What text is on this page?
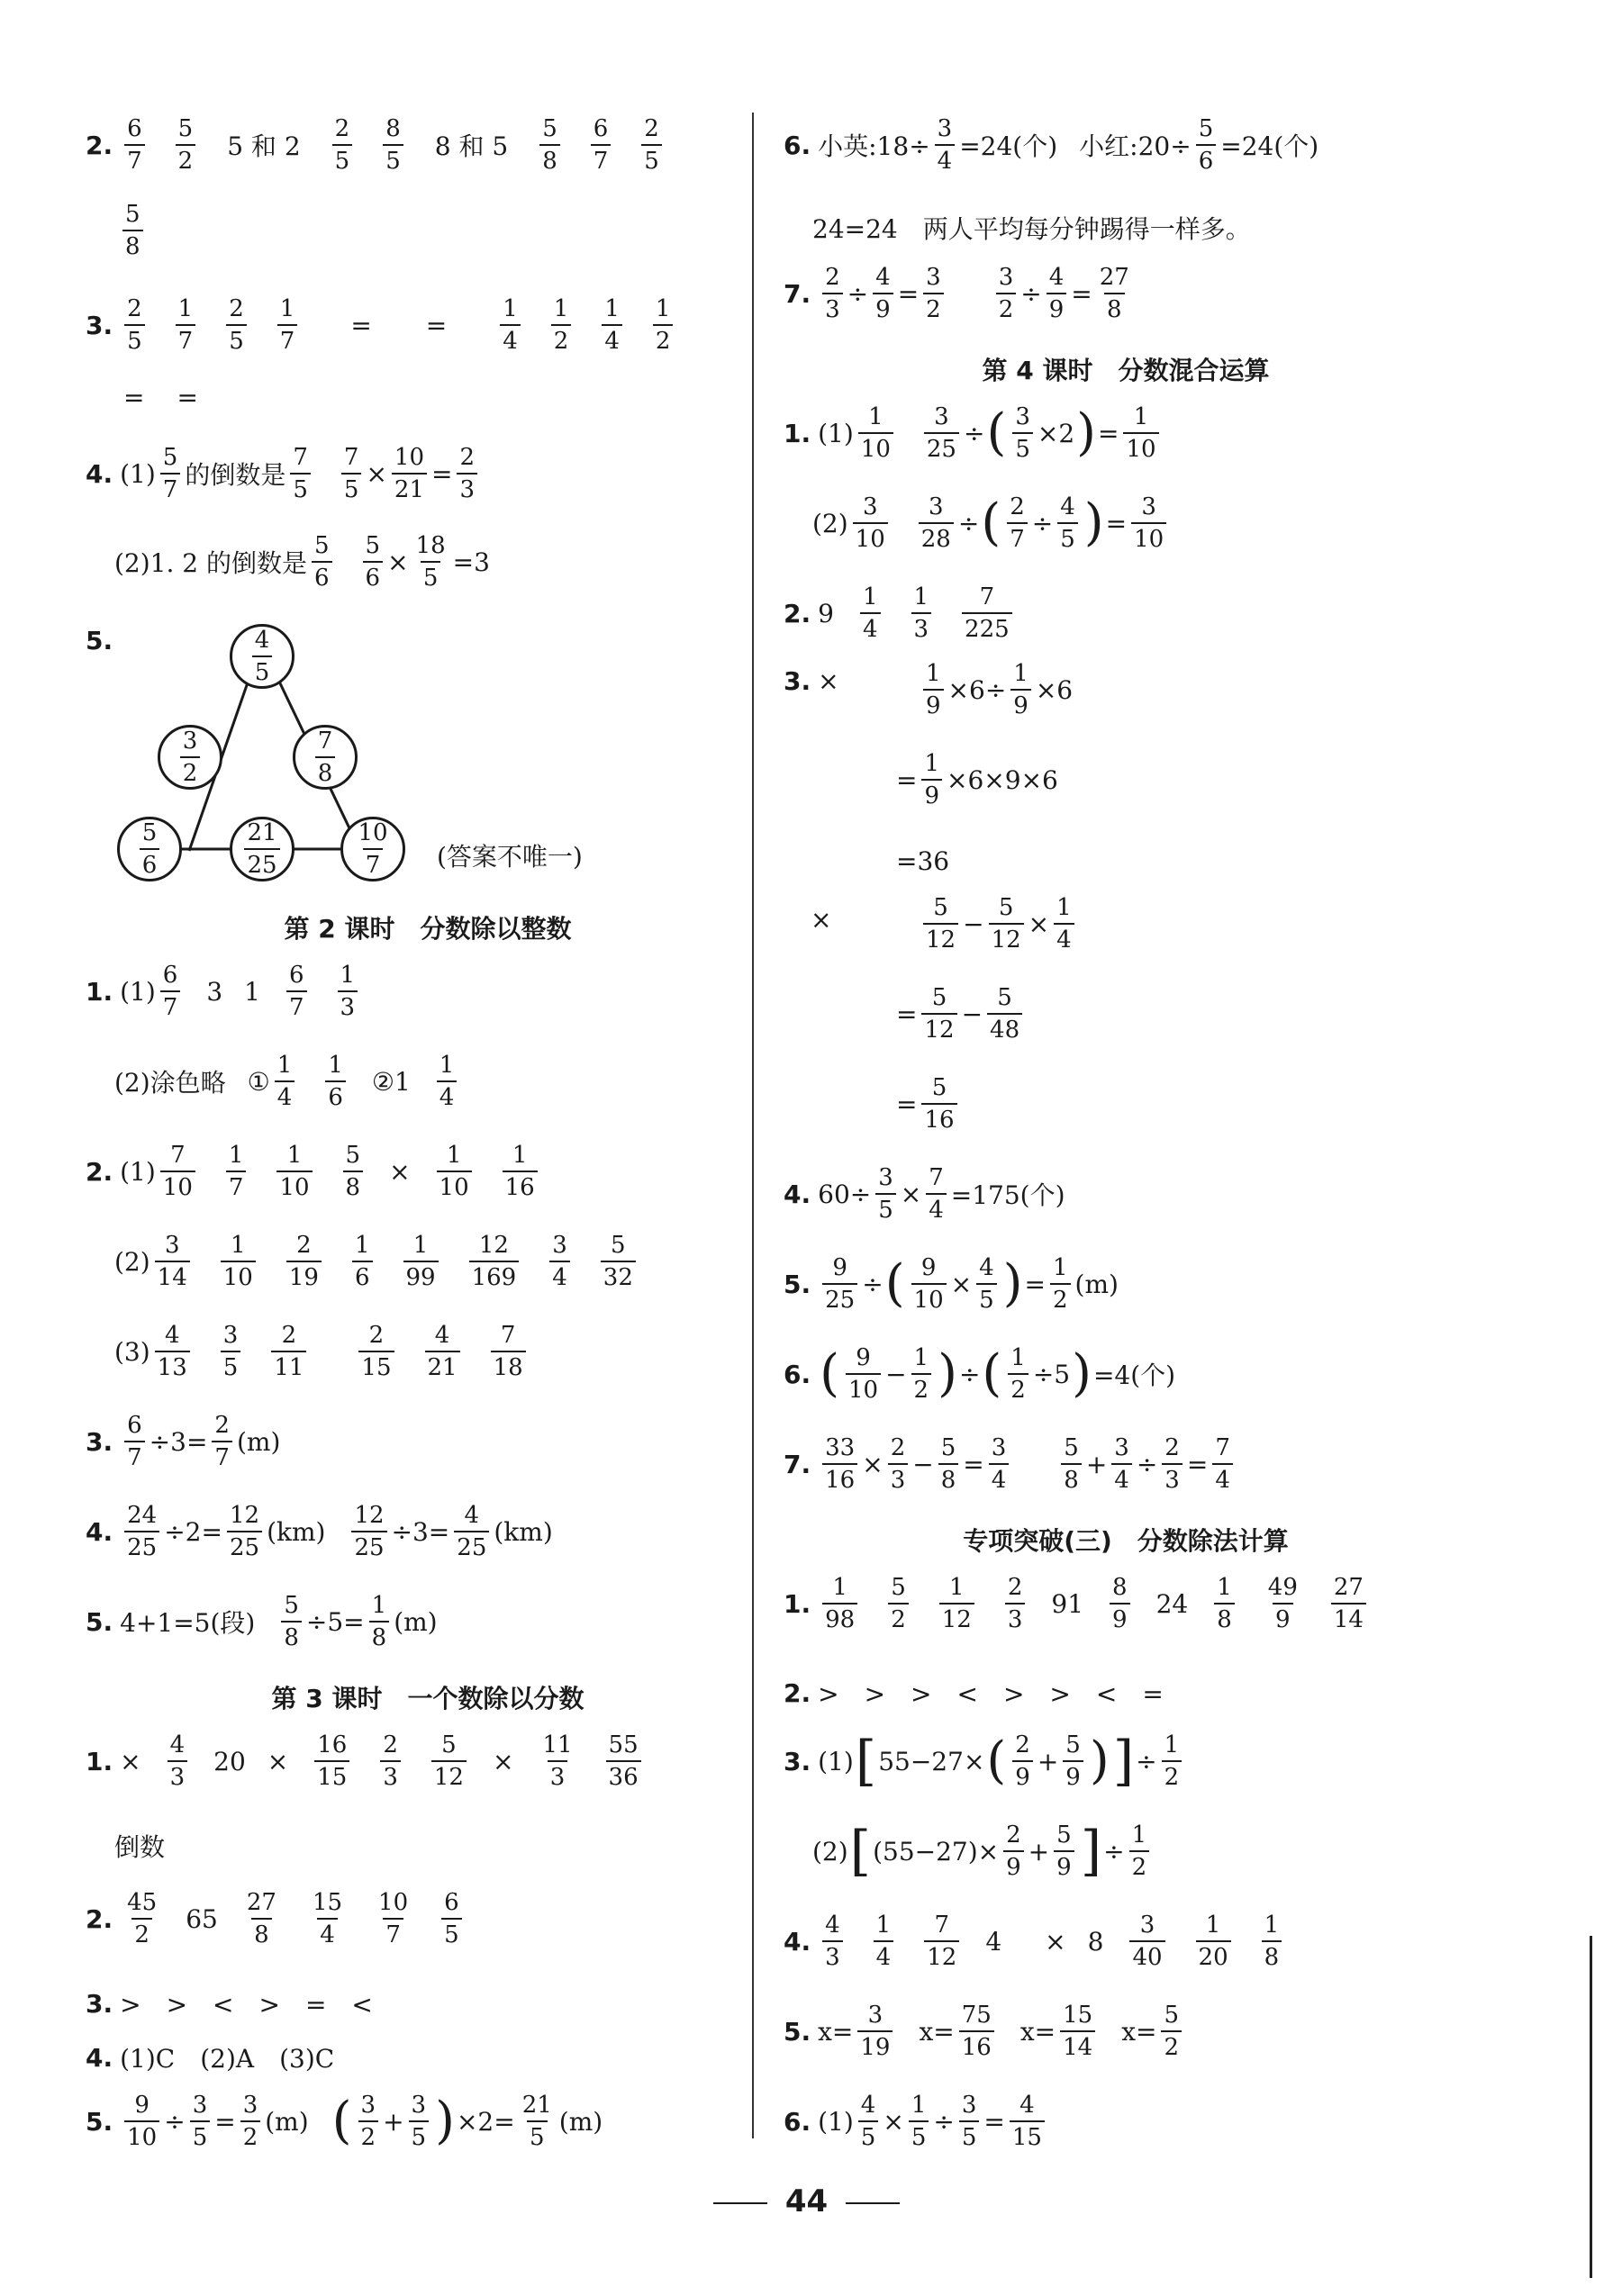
2. $\frac{6}{7} \frac{5}{2} 5$ 和 $2 \frac{2}{5} \frac{8}{5} 8$ 和 $5 \frac{5}{8} \frac{6}{7} \frac{2}{5}$
$\frac{5}{8}$
3. $\frac{2}{5} \frac{1}{7} \frac{2}{5} \frac{1}{7}$ = = $\frac{1}{4} \frac{1}{2} \frac{1}{4} \frac{1}{2}$
= =
4. $(1) \frac{5}{7}$ 的倒数是 $\frac{7}{5} \frac{7}{5} \times \frac{10}{21} = \frac{2}{3}$
(2)1. 2 的倒数是 $\frac{5}{6} \frac{5}{6} \times \frac{18}{5} = 3$
5.	$\frac{4}{5}$
$\frac{3}{2}$	$\frac{7}{8}$
$\frac{5}{6}$	$\frac{21}{25}$	$\frac{10}{7}$ (答案不唯一)
第 2 课时　分数除以整数
1. $(1) \frac{6}{7} 3$ $1 \frac{6}{7} \frac{1}{3}$
(2)涂色略 ① $\frac{1}{4} \frac{1}{6}$ ②1 $\frac{1}{4}$
2. $(1) \frac{7}{10} \frac{1}{7} \frac{1}{10} \frac{5}{8} \times \frac{1}{10} \frac{1}{16}$
$(2) \frac{3}{14} \frac{1}{10} \frac{2}{19} \frac{1}{6} \frac{1}{99} \frac{12}{169} \frac{3}{4} \frac{5}{32}$
$(3) \frac{4}{13} \frac{3}{5} \frac{2}{11} \frac{2}{15} \frac{4}{21} \frac{7}{18}$
3. $\frac{6}{7} \div 3= \frac{2}{7} (m)$
4. $\frac{24}{25} \div 2= \frac{12}{25} (km) \frac{12}{25} \div 3= \frac{4}{25} (km)$
5. 4+1=5(段) $\frac{5}{8} \div 5= \frac{1}{8} (m)$
第 3 课时　一个数除以分数
1. × $\frac{4}{3} 20 \times \frac{16}{15} \frac{2}{3} \frac{5}{12} \times \frac{11}{3} \frac{55}{36}$
倒数
2. $\frac{45}{2} 65 \frac{27}{8} \frac{15}{4} \frac{10}{7} \frac{6}{5}$
3. >　>　<　>　=　<
4. (1)C　(2)A　(3)C
5. $\frac{9}{10} \div \frac{3}{5} = \frac{3}{2} (m)$ ( $\frac{3}{2} + \frac{3}{5}$ ) $\times 2= \frac{21}{5} (m)$
6. 小英:18÷ $\frac{3}{4} =24$(个) 小红:20÷ $\frac{5}{6} =24$(个)
24=24　两人平均每分钟踢得一样多。
7. $\frac{2}{3} \div \frac{4}{9} = \frac{3}{2} \frac{3}{2} \div \frac{4}{9} = \frac{27}{8}$
第 4 课时　分数混合运算
1. $(1) \frac{1}{10} \frac{3}{25}$ ÷ ( $\frac{3}{5} \times 2$ ) = $\frac{1}{10}$
$(2) \frac{3}{10} \frac{3}{28}$ ÷ ( $\frac{2}{7} \div \frac{4}{5}$ ) = $\frac{3}{10}$
2. $9 \frac{1}{4} \frac{1}{3} \frac{7}{225}$
3. ×	$\frac{1}{9} \times 6\div \frac{1}{9} \times 6$
= $\frac{1}{9} \times 6\times 9\times 6$
=36
×	$\frac{5}{12} - \frac{5}{12} \times \frac{1}{4}$
= $\frac{5}{12} - \frac{5}{48}$
= $\frac{5}{16}$
4. $60\div \frac{3}{5} \times \frac{7}{4} =175$(个)
5. $\frac{9}{25}$ ÷ ( $\frac{9}{10} \times \frac{4}{5}$ ) = $\frac{1}{2} (m)$
6. ( $\frac{9}{10} - \frac{1}{2}$ ) ÷ ( $\frac{1}{2} \div 5$ ) =4(个)
7. $\frac{33}{16} \times \frac{2}{3} - \frac{5}{8} = \frac{3}{4} \frac{5}{8} + \frac{3}{4} \div \frac{2}{3} = \frac{7}{4}$
专项突破(三)　分数除法计算
1. $\frac{1}{98} \frac{5}{2} \frac{1}{12} \frac{2}{3} 91 \frac{8}{9} 24 \frac{1}{8} \frac{49}{9} \frac{27}{14}$
2. >　>　>　<　>　>　<　=
3. (1) [ 55−27× ( $\frac{2}{9} + \frac{5}{9}$ ) ] ÷ $\frac{1}{2}$
(2) [ $(55-27)\times \frac{2}{9} + \frac{5}{9}$ ] ÷ $\frac{1}{2}$
4. $\frac{4}{3} \frac{1}{4} \frac{7}{12} 4 \times 8 \frac{3}{40} \frac{1}{20} \frac{1}{8}$
5. $x= \frac{3}{19} x= \frac{75}{16} x= \frac{15}{14} x= \frac{5}{2}$
6. $(1) \frac{4}{5} \times \frac{1}{5} \div \frac{3}{5} = \frac{4}{15}$
44
